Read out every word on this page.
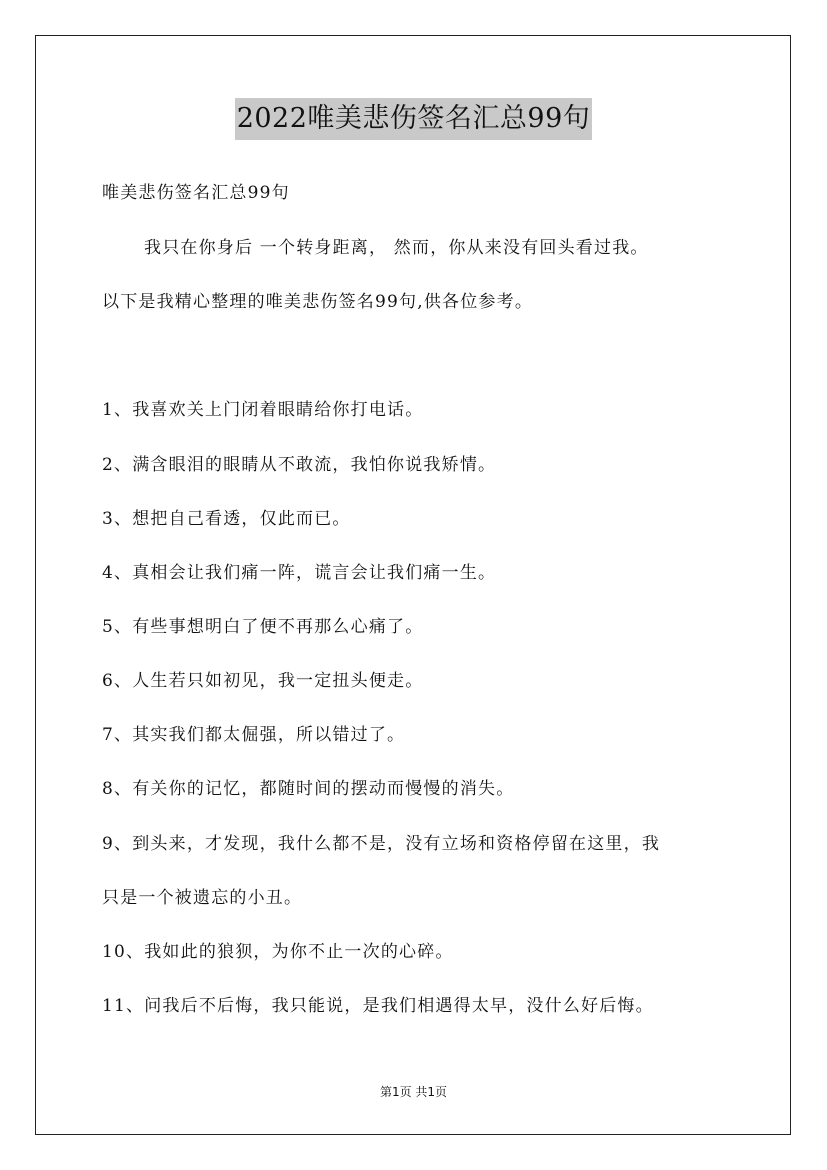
2022唯美悲伤签名汇总99句
唯美悲伤签名汇总99句
我只在你身后 一个转身距离， 然而，你从来没有回头看过我。
以下是我精心整理的唯美悲伤签名99句,供各位参考。
1、我喜欢关上门闭着眼睛给你打电话。
2、满含眼泪的眼睛从不敢流，我怕你说我矫情。
3、想把自己看透，仅此而已。
4、真相会让我们痛一阵，谎言会让我们痛一生。
5、有些事想明白了便不再那么心痛了。
6、人生若只如初见，我一定扭头便走。
7、其实我们都太倔强，所以错过了。
8、有关你的记忆，都随时间的摆动而慢慢的消失。
9、到头来，才发现，我什么都不是，没有立场和资格停留在这里，我
只是一个被遗忘的小丑。
10、我如此的狼狈，为你不止一次的心碎。
11、问我后不后悔，我只能说，是我们相遇得太早，没什么好后悔。
第1页 共1页
